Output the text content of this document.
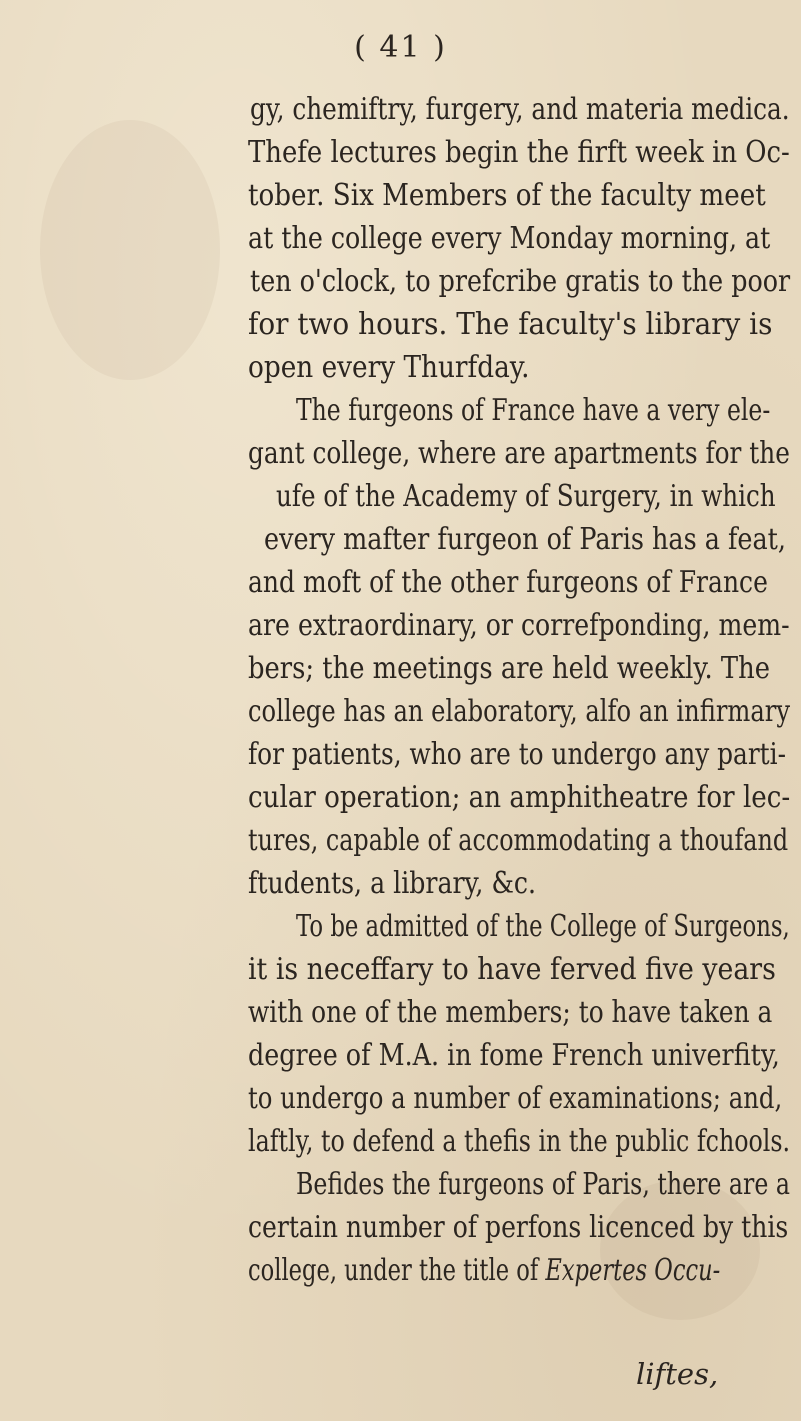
( 41 )
gy, chemiftry, furgery, and materia medica.
Thefe lectures begin the firft week in Oc-
tober. Six Members of the faculty meet
at the college every Monday morning, at
ten o'clock, to prefcribe gratis to the poor
for two hours. The faculty's library is
open every Thurfday.
The furgeons of France have a very ele-
gant college, where are apartments for the
ufe of the Academy of Surgery, in which
every mafter furgeon of Paris has a feat,
and moft of the other furgeons of France
are extraordinary, or correfponding, mem-
bers; the meetings are held weekly. The
college has an elaboratory, alfo an infirmary
for patients, who are to undergo any parti-
cular operation; an amphitheatre for lec-
tures, capable of accommodating a thoufand
ftudents, a library, &c.
To be admitted of the College of Surgeons,
it is neceffary to have ferved five years
with one of the members; to have taken a
degree of M.A. in fome French univerfity,
to undergo a number of examinations; and,
laftly, to defend a thefis in the public fchools.
Befides the furgeons of Paris, there are a
certain number of perfons licenced by this
college, under the title of Expertes Occu-
liftes,
